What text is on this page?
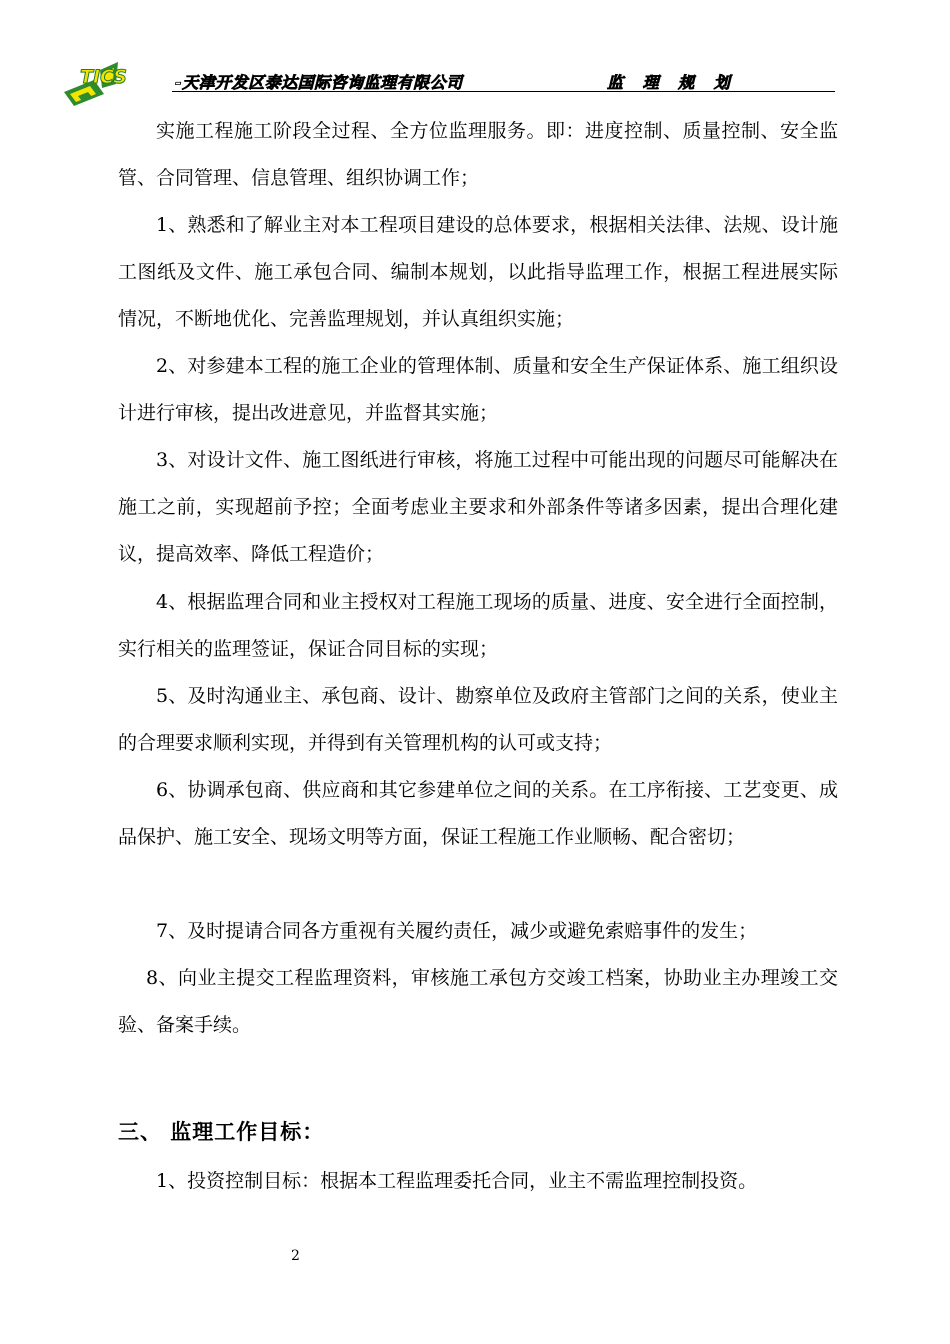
TICS	-天津开发区泰达国际咨询监理有限公司	监 理 规 划

实施工程施工阶段全过程、全方位监理服务。即：进度控制、质量控制、安全监管、合同管理、信息管理、组织协调工作；

1、熟悉和了解业主对本工程项目建设的总体要求，根据相关法律、法规、设计施工图纸及文件、施工承包合同、编制本规划，以此指导监理工作，根据工程进展实际情况，不断地优化、完善监理规划，并认真组织实施；

2、对参建本工程的施工企业的管理体制、质量和安全生产保证体系、施工组织设计进行审核，提出改进意见，并监督其实施；

3、对设计文件、施工图纸进行审核，将施工过程中可能出现的问题尽可能解决在施工之前，实现超前予控；全面考虑业主要求和外部条件等诸多因素，提出合理化建议，提高效率、降低工程造价；

4、根据监理合同和业主授权对工程施工现场的质量、进度、安全进行全面控制，实行相关的监理签证，保证合同目标的实现；

5、及时沟通业主、承包商、设计、勘察单位及政府主管部门之间的关系，使业主的合理要求顺利实现，并得到有关管理机构的认可或支持；

6、协调承包商、供应商和其它参建单位之间的关系。在工序衔接、工艺变更、成品保护、施工安全、现场文明等方面，保证工程施工作业顺畅、配合密切；

7、及时提请合同各方重视有关履约责任，减少或避免索赔事件的发生；

8、向业主提交工程监理资料，审核施工承包方交竣工档案，协助业主办理竣工交验、备案手续。

三、 监理工作目标：

1、投资控制目标：根据本工程监理委托合同，业主不需监理控制投资。

2
